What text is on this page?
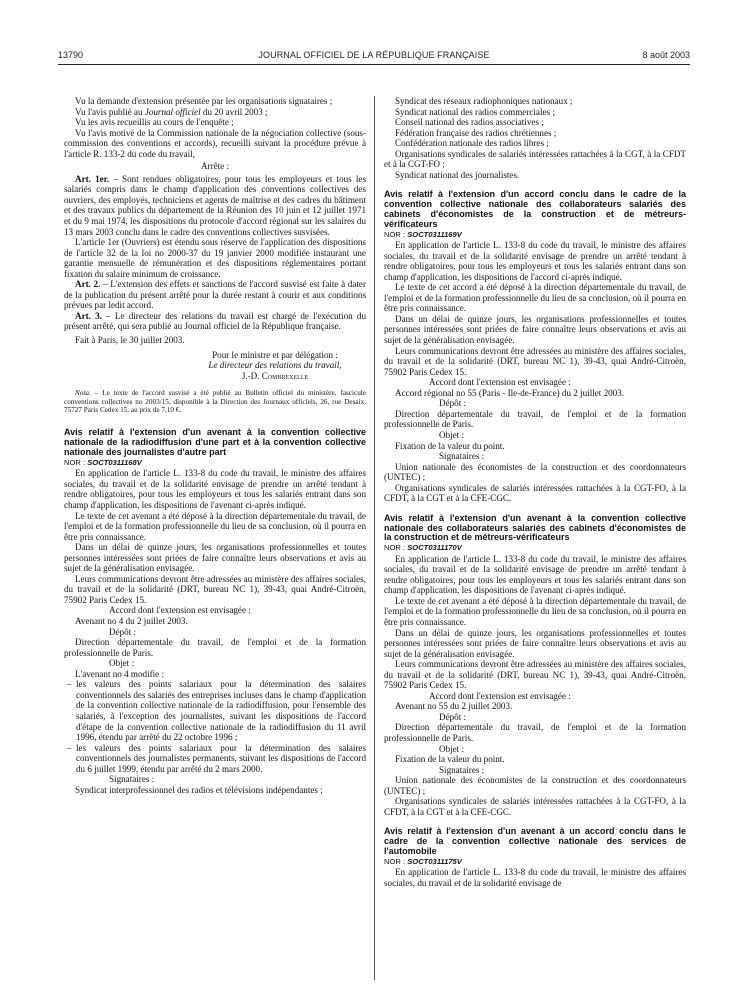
13790	JOURNAL OFFICIEL DE LA RÉPUBLIQUE FRANÇAISE	8 août 2003

Vu la demande d'extension présentée par les organisations signataires ;

Vu l'avis publié au Journal officiel du 20 avril 2003 ;

Vu les avis recueillis au cours de l'enquête ;

Vu l'avis motivé de la Commission nationale de la négociation collective (sous-commission des conventions et accords), recueilli suivant la procédure prévue à l'article R. 133-2 du code du travail,

Arrête :

Art. 1er. – Sont rendues obligatoires, pour tous les employeurs et tous les salariés compris dans le champ d'application des conventions collectives des ouvriers, des employés, techniciens et agents de maîtrise et des cadres du bâtiment et des travaux publics du département de la Réunion des 10 juin et 12 juillet 1971 et du 9 mai 1974, les dispositions du protocole d'accord régional sur les salaires du 13 mars 2003 conclu dans le cadre des conventions collectives susvisées.

L'article 1er (Ouvriers) est étendu sous réserve de l'application des dispositions de l'article 32 de la loi no 2000-37 du 19 janvier 2000 modifiée instaurant une garantie mensuelle de rémunération et des dispositions réglementaires portant fixation du salaire minimum de croissance.

Art. 2. – L'extension des effets et sanctions de l'accord susvisé est faite à dater de la publication du présent arrêté pour la durée restant à courir et aux conditions prévues par ledit accord.

Art. 3. – Le directeur des relations du travail est chargé de l'exécution du présent arrêté, qui sera publié au Journal officiel de la République française.

Fait à Paris, le 30 juillet 2003.

Pour le ministre et par délégation :

Le directeur des relations du travail,

J.-D. Combrexelle

Nota. – Le texte de l'accord susvisé a été publié au Bulletin officiel du ministère, fascicule conventions collectives no 2003/15, disponible à la Direction des Journaux officiels, 26, rue Desaix, 75727 Paris Cedex 15, au prix de 7,10 €.

Avis relatif à l'extension d'un avenant à la convention collective nationale de la radiodiffusion d'une part et à la convention collective nationale des journalistes d'autre part

NOR : SOCT0311168V

En application de l'article L. 133-8 du code du travail, le ministre des affaires sociales, du travail et de la solidarité envisage de prendre un arrêté tendant à rendre obligatoires, pour tous les employeurs et tous les salariés entrant dans son champ d'application, les dispositions de l'avenant ci-après indiqué.

Le texte de cet avenant a été déposé à la direction départementale du travail, de l'emploi et de la formation professionnelle du lieu de sa conclusion, où il pourra en être pris connaissance.

Dans un délai de quinze jours, les organisations professionnelles et toutes personnes intéressées sont priées de faire connaître leurs observations et avis au sujet de la généralisation envisagée.

Leurs communications devront être adressées au ministère des affaires sociales, du travail et de la solidarité (DRT, bureau NC 1), 39-43, quai André-Citroën, 75902 Paris Cedex 15.

Accord dont l'extension est envisagée :

Avenant no 4 du 2 juillet 2003.

Dépôt :

Direction départementale du travail, de l'emploi et de la formation professionnelle de Paris.

Objet :

L'avenant no 4 modifie :

– les valeurs des points salariaux pour la détermination des salaires conventionnels des salariés des entreprises incluses dans le champ d'application de la convention collective nationale de la radiodiffusion, pour l'ensemble des salariés, à l'exception des journalistes, suivant les dispositions de l'accord d'étape de la convention collective nationale de la radiodiffusion du 11 avril 1996, étendu par arrêté du 22 octobre 1996 ;
– les valeurs des points salariaux pour la détermination des salaires conventionnels des journalistes permanents, suivant les dispositions de l'accord du 6 juillet 1999, étendu par arrêté du 2 mars 2000.

Signataires :

Syndicat interprofessionnel des radios et télévisions indépendantes ;

Syndicat des réseaux radiophoniques nationaux ;

Syndicat national des radios commerciales ;

Conseil national des radios associatives ;

Fédération française des radios chrétiennes ;

Confédération nationale des radios libres ;

Organisations syndicales de salariés intéressées rattachées à la CGT, à la CFDT et à la CGT-FO ;

Syndicat national des journalistes.

Avis relatif à l'extension d'un accord conclu dans le cadre de la convention collective nationale des collaborateurs salariés des cabinets d'économistes de la construction et de métreurs-vérificateurs

NOR : SOCT0311169V

En application de l'article L. 133-8 du code du travail, le ministre des affaires sociales, du travail et de la solidarité envisage de prendre un arrêté tendant à rendre obligatoires, pour tous les employeurs et tous les salariés entrant dans son champ d'application, les dispositions de l'accord ci-après indiqué.

Le texte de cet accord a été déposé à la direction départementale du travail, de l'emploi et de la formation professionnelle du lieu de sa conclusion, où il pourra en être pris connaissance.

Dans un délai de quinze jours, les organisations professionnelles et toutes personnes intéressées sont priées de faire connaître leurs observations et avis au sujet de la généralisation envisagée.

Leurs communications devront être adressées au ministère des affaires sociales, du travail et de la solidarité (DRT, bureau NC 1), 39-43, quai André-Citroën, 75902 Paris Cedex 15.

Accord dont l'extension est envisagée :

Accord régional no 55 (Paris - Ile-de-France) du 2 juillet 2003.

Dépôt :

Direction départementale du travail, de l'emploi et de la formation professionnelle de Paris.

Objet :

Fixation de la valeur du point.

Signataires :

Union nationale des économistes de la construction et des coordonnateurs (UNTEC) ;

Organisations syndicales de salariés intéressées rattachées à la CGT-FO, à la CFDT, à la CGT et à la CFE-CGC.

Avis relatif à l'extension d'un avenant à la convention collective nationale des collaborateurs salariés des cabinets d'économistes de la construction et de métreurs-vérificateurs

NOR : SOCT0311170V

En application de l'article L. 133-8 du code du travail, le ministre des affaires sociales, du travail et de la solidarité envisage de prendre un arrêté tendant à rendre obligatoires, pour tous les employeurs et tous les salariés entrant dans son champ d'application, les dispositions de l'avenant ci-après indiqué.

Le texte de cet avenant a été déposé à la direction départementale du travail, de l'emploi et de la formation professionnelle du lieu de sa conclusion, où il pourra en être pris connaissance.

Dans un délai de quinze jours, les organisations professionnelles et toutes personnes intéressées sont priées de faire connaître leurs observations et avis au sujet de la généralisation envisagée.

Leurs communications devront être adressées au ministère des affaires sociales, du travail et de la solidarité (DRT, bureau NC 1), 39-43, quai André-Citroën, 75902 Paris Cedex 15.

Accord dont l'extension est envisagée :

Avenant no 55 du 2 juillet 2003.

Dépôt :

Direction départementale du travail, de l'emploi et de la formation professionnelle de Paris.

Objet :

Fixation de la valeur du point.

Signataires :

Union nationale des économistes de la construction et des coordonnateurs (UNTEC) ;

Organisations syndicales de salariés intéressées rattachées à la CGT-FO, à la CFDT, à la CGT et à la CFE-CGC.

Avis relatif à l'extension d'un avenant à un accord conclu dans le cadre de la convention collective nationale des services de l'automobile

NOR : SOCT0311175V

En application de l'article L. 133-8 du code du travail, le ministre des affaires sociales, du travail et de la solidarité envisage de
